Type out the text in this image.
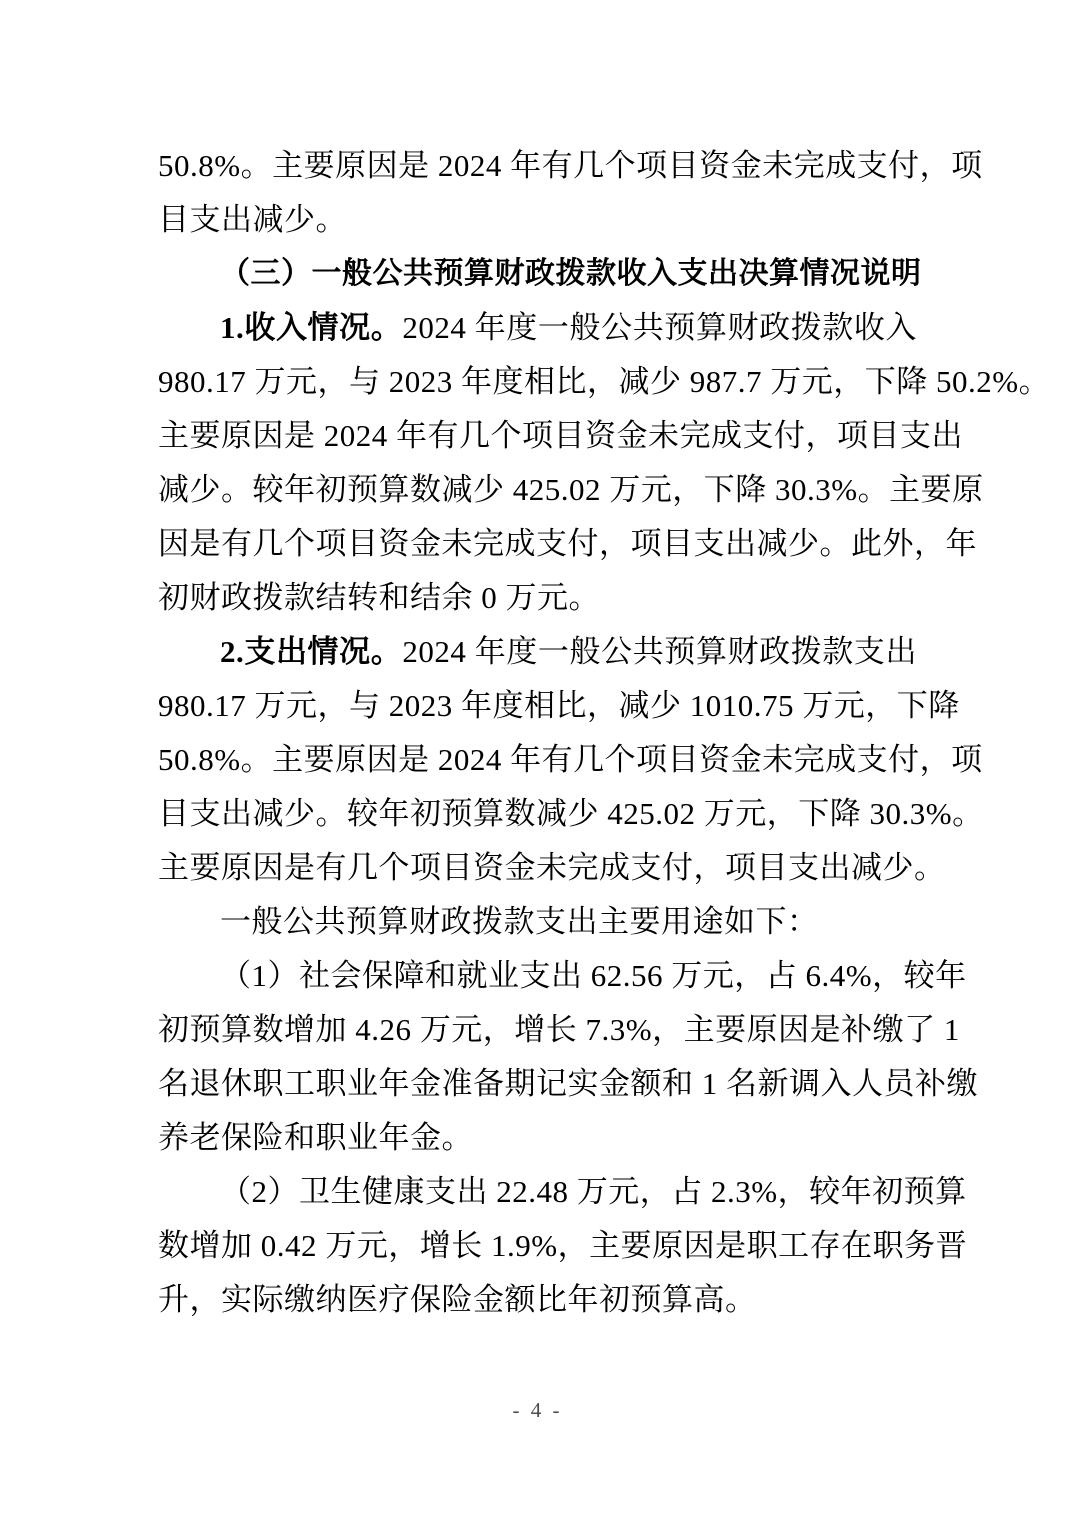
50.8%。主要原因是 2024 年有几个项目资金未完成支付，项
目支出减少。
（三）一般公共预算财政拨款收入支出决算情况说明
1.收入情况。2024 年度一般公共预算财政拨款收入
980.17 万元，与 2023 年度相比，减少 987.7 万元，下降 50.2%。
主要原因是 2024 年有几个项目资金未完成支付，项目支出
减少。较年初预算数减少 425.02 万元，下降 30.3%。主要原
因是有几个项目资金未完成支付，项目支出减少。此外，年
初财政拨款结转和结余 0 万元。
2.支出情况。2024 年度一般公共预算财政拨款支出
980.17 万元，与 2023 年度相比，减少 1010.75 万元，下降
50.8%。主要原因是 2024 年有几个项目资金未完成支付，项
目支出减少。较年初预算数减少 425.02 万元，下降 30.3%。
主要原因是有几个项目资金未完成支付，项目支出减少。
一般公共预算财政拨款支出主要用途如下：
（1）社会保障和就业支出 62.56 万元，占 6.4%，较年
初预算数增加 4.26 万元，增长 7.3%，主要原因是补缴了 1
名退休职工职业年金准备期记实金额和 1 名新调入人员补缴
养老保险和职业年金。
（2）卫生健康支出 22.48 万元，占 2.3%，较年初预算
数增加 0.42 万元，增长 1.9%，主要原因是职工存在职务晋
升，实际缴纳医疗保险金额比年初预算高。
- 4 -
